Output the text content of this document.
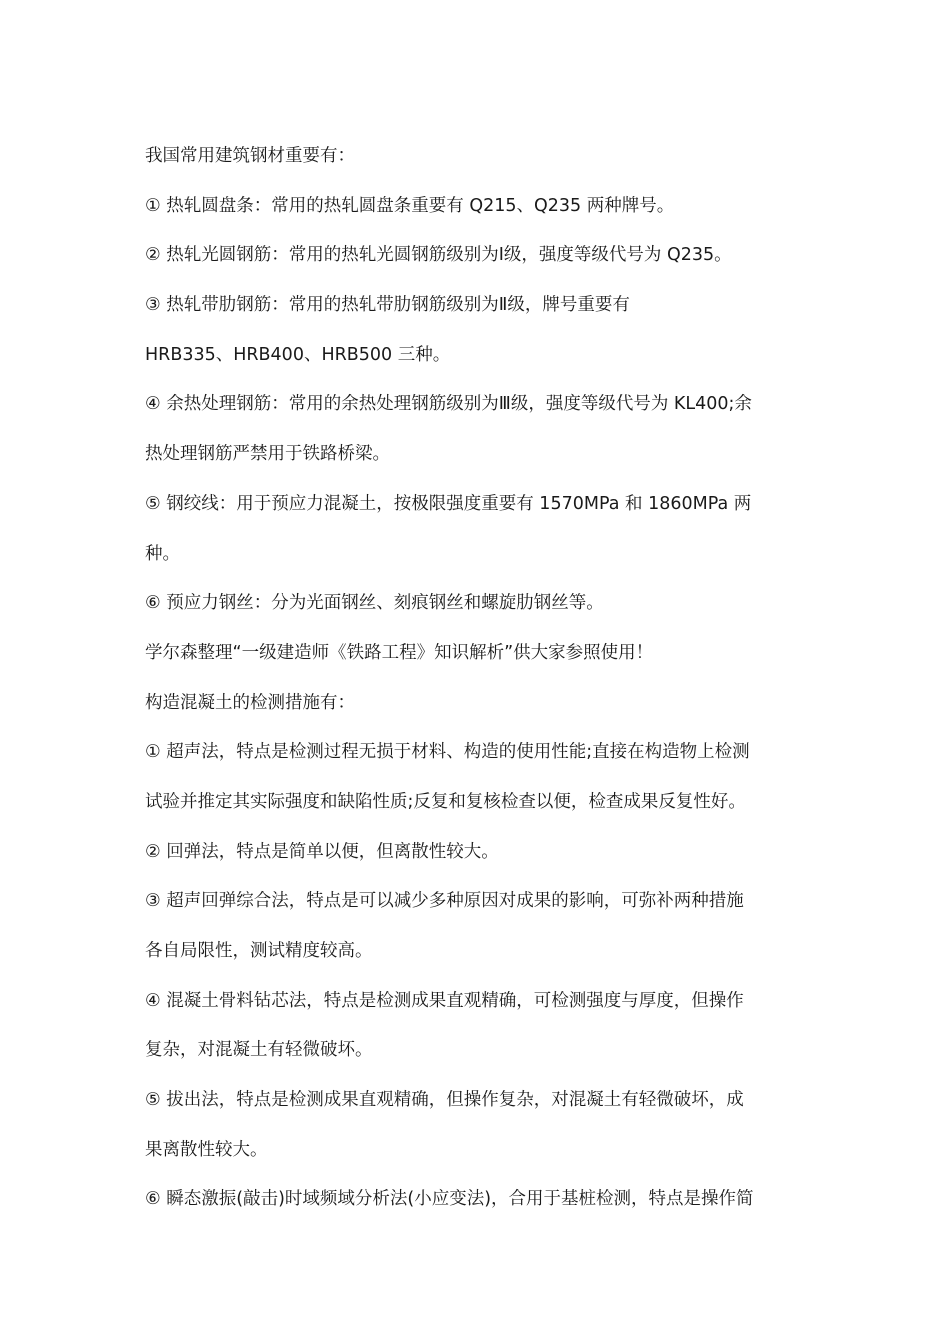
我国常用建筑钢材重要有：
① 热轧圆盘条：常用的热轧圆盘条重要有 Q215、Q235 两种牌号。
② 热轧光圆钢筋：常用的热轧光圆钢筋级别为Ⅰ级，强度等级代号为 Q235。
③ 热轧带肋钢筋：常用的热轧带肋钢筋级别为Ⅱ级，牌号重要有
HRB335、HRB400、HRB500 三种。
④ 余热处理钢筋：常用的余热处理钢筋级别为Ⅲ级，强度等级代号为 KL400;余
热处理钢筋严禁用于铁路桥梁。
⑤ 钢绞线：用于预应力混凝土，按极限强度重要有 1570MPa 和 1860MPa 两
种。
⑥ 预应力钢丝：分为光面钢丝、刻痕钢丝和螺旋肋钢丝等。
学尔森整理“一级建造师《铁路工程》知识解析”供大家参照使用！
构造混凝土的检测措施有：
① 超声法，特点是检测过程无损于材料、构造的使用性能;直接在构造物上检测
试验并推定其实际强度和缺陷性质;反复和复核检查以便，检查成果反复性好。
② 回弹法，特点是简单以便，但离散性较大。
③ 超声回弹综合法，特点是可以减少多种原因对成果的影响，可弥补两种措施
各自局限性，测试精度较高。
④ 混凝土骨料钻芯法，特点是检测成果直观精确，可检测强度与厚度，但操作
复杂，对混凝土有轻微破坏。
⑤ 拔出法，特点是检测成果直观精确，但操作复杂，对混凝土有轻微破坏，成
果离散性较大。
⑥ 瞬态激振(敲击)时域频域分析法(小应变法)，合用于基桩检测，特点是操作简
